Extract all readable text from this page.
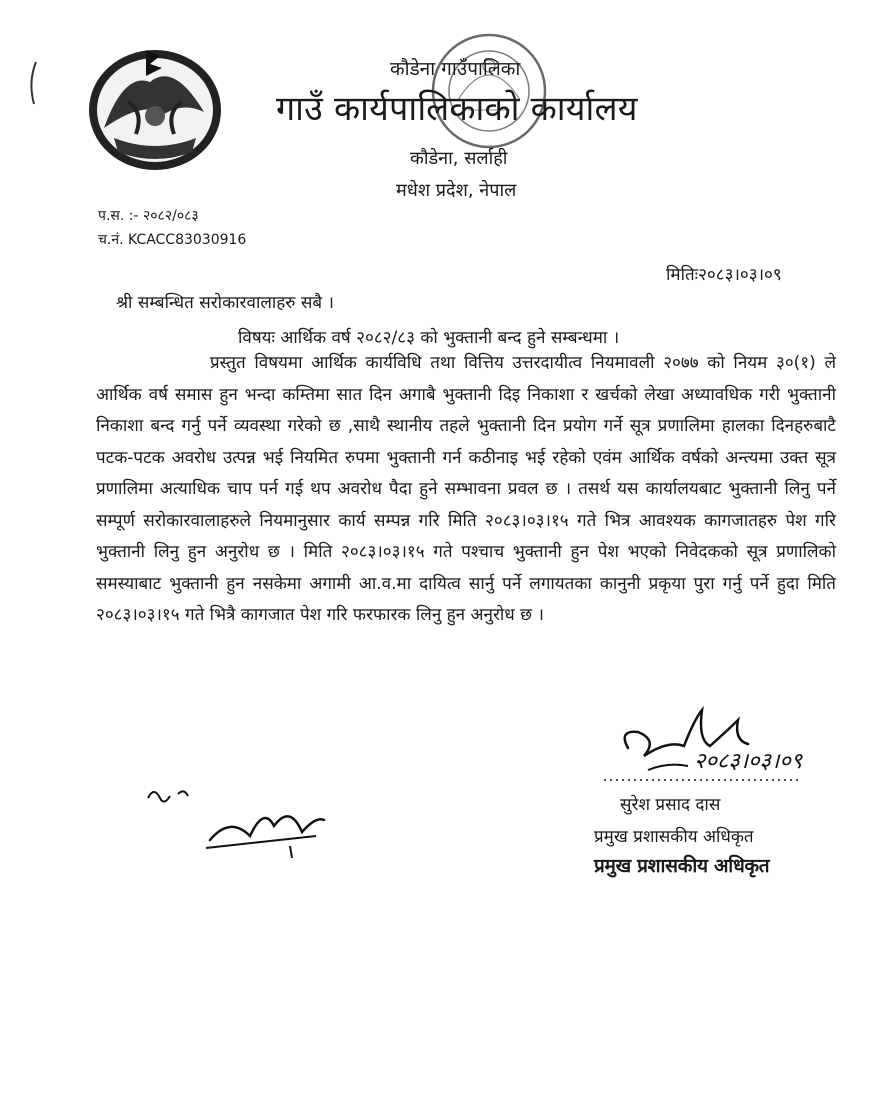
कौडेना गाउँपालिका
गाउँ कार्यपालिकाको कार्यालय
कौडेना, सर्लाही
मधेश प्रदेश, नेपाल
प.स. :- २०८२/०८३
च.नं. KCACC83030916
मितिः२०८३।०३।०९
श्री सम्बन्धित सरोकारवालाहरु सबै ।
विषयः आर्थिक वर्ष २०८२/८३ को भुक्तानी बन्द हुने सम्बन्धमा ।
प्रस्तुत विषयमा आर्थिक कार्यविधि तथा वित्तिय उत्तरदायीत्व नियमावली २०७७ को नियम ३०(१) ले आर्थिक वर्ष समास हुन भन्दा कम्तिमा सात दिन अगाबै भुक्तानी दिइ निकाशा र खर्चको लेखा अध्यावधिक गरी भुक्तानी निकाशा बन्द गर्नु पर्ने व्यवस्था गरेको छ ,साथै स्थानीय तहले भुक्तानी दिन प्रयोग गर्ने सूत्र प्रणालिमा हालका दिनहरुबाटै पटक-पटक अवरोध उत्पन्न भई नियमित रुपमा भुक्तानी गर्न कठीनाइ भई रहेको एवंम आर्थिक वर्षको अन्त्यमा उक्त सूत्र प्रणालिमा अत्याधिक चाप पर्न गई थप अवरोध पैदा हुने सम्भावना प्रवल छ । तसर्थ यस कार्यालयबाट भुक्तानी लिनु पर्ने सम्पूर्ण सरोकारवालाहरुले नियमानुसार कार्य सम्पन्न गरि मिति २०८३।०३।१५ गते भित्र आवश्यक कागजातहरु पेश गरि भुक्तानी लिनु हुन अनुरोध छ । मिति २०८३।०३।१५ गते पश्चाच भुक्तानी हुन पेश भएको निवेदकको सूत्र प्रणालिको समस्याबाट भुक्तानी हुन नसकेमा अगामी आ.व.मा दायित्व सार्नु पर्ने लगायतका कानुनी प्रकृया पुरा गर्नु पर्ने हुदा मिति २०८३।०३।१५ गते भित्रै कागजात पेश गरि फरफारक लिनु हुन अनुरोध छ ।
२०८३।०३।०९
सुरेश प्रसाद दास
प्रमुख प्रशासकीय अधिकृत
प्रमुख प्रशासकीय अधिकृत
